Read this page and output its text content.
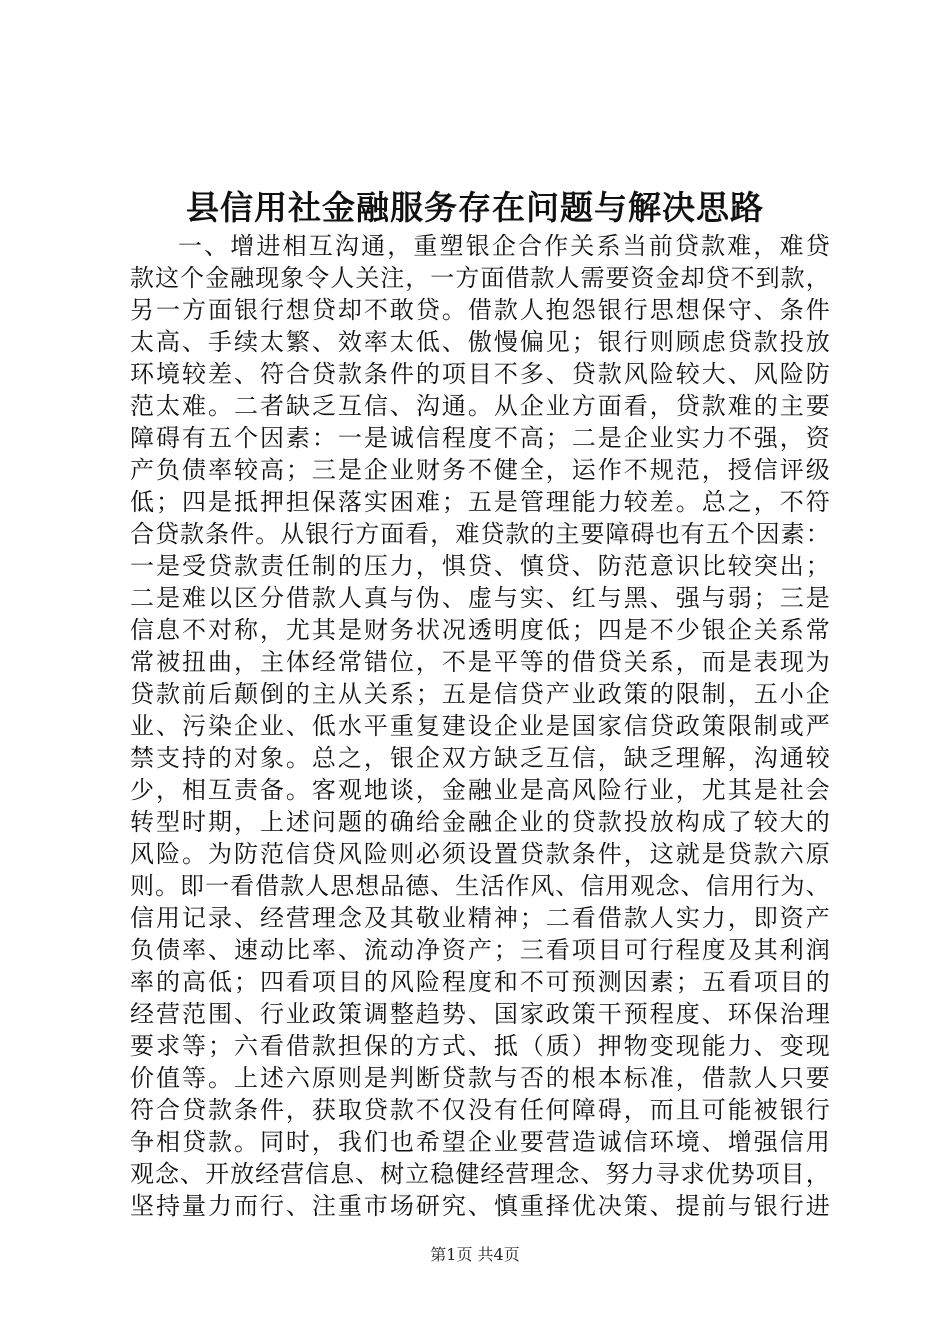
县信用社金融服务存在问题与解决思路
一、增进相互沟通，重塑银企合作关系当前贷款难，难贷
款这个金融现象令人关注，一方面借款人需要资金却贷不到款，
另一方面银行想贷却不敢贷。借款人抱怨银行思想保守、条件
太高、手续太繁、效率太低、傲慢偏见；银行则顾虑贷款投放
环境较差、符合贷款条件的项目不多、贷款风险较大、风险防
范太难。二者缺乏互信、沟通。从企业方面看，贷款难的主要
障碍有五个因素：一是诚信程度不高；二是企业实力不强，资
产负债率较高；三是企业财务不健全，运作不规范，授信评级
低；四是抵押担保落实困难；五是管理能力较差。总之，不符
合贷款条件。从银行方面看，难贷款的主要障碍也有五个因素：
一是受贷款责任制的压力，惧贷、慎贷、防范意识比较突出；
二是难以区分借款人真与伪、虚与实、红与黑、强与弱；三是
信息不对称，尤其是财务状况透明度低；四是不少银企关系常
常被扭曲，主体经常错位，不是平等的借贷关系，而是表现为
贷款前后颠倒的主从关系；五是信贷产业政策的限制，五小企
业、污染企业、低水平重复建设企业是国家信贷政策限制或严
禁支持的对象。总之，银企双方缺乏互信，缺乏理解，沟通较
少，相互责备。客观地谈，金融业是高风险行业，尤其是社会
转型时期，上述问题的确给金融企业的贷款投放构成了较大的
风险。为防范信贷风险则必须设置贷款条件，这就是贷款六原
则。即一看借款人思想品德、生活作风、信用观念、信用行为、
信用记录、经营理念及其敬业精神；二看借款人实力，即资产
负债率、速动比率、流动净资产；三看项目可行程度及其利润
率的高低；四看项目的风险程度和不可预测因素；五看项目的
经营范围、行业政策调整趋势、国家政策干预程度、环保治理
要求等；六看借款担保的方式、抵（质）押物变现能力、变现
价值等。上述六原则是判断贷款与否的根本标准，借款人只要
符合贷款条件，获取贷款不仅没有任何障碍，而且可能被银行
争相贷款。同时，我们也希望企业要营造诚信环境、增强信用
观念、开放经营信息、树立稳健经营理念、努力寻求优势项目，
坚持量力而行、注重市场研究、慎重择优决策、提前与银行进
第1页 共4页
